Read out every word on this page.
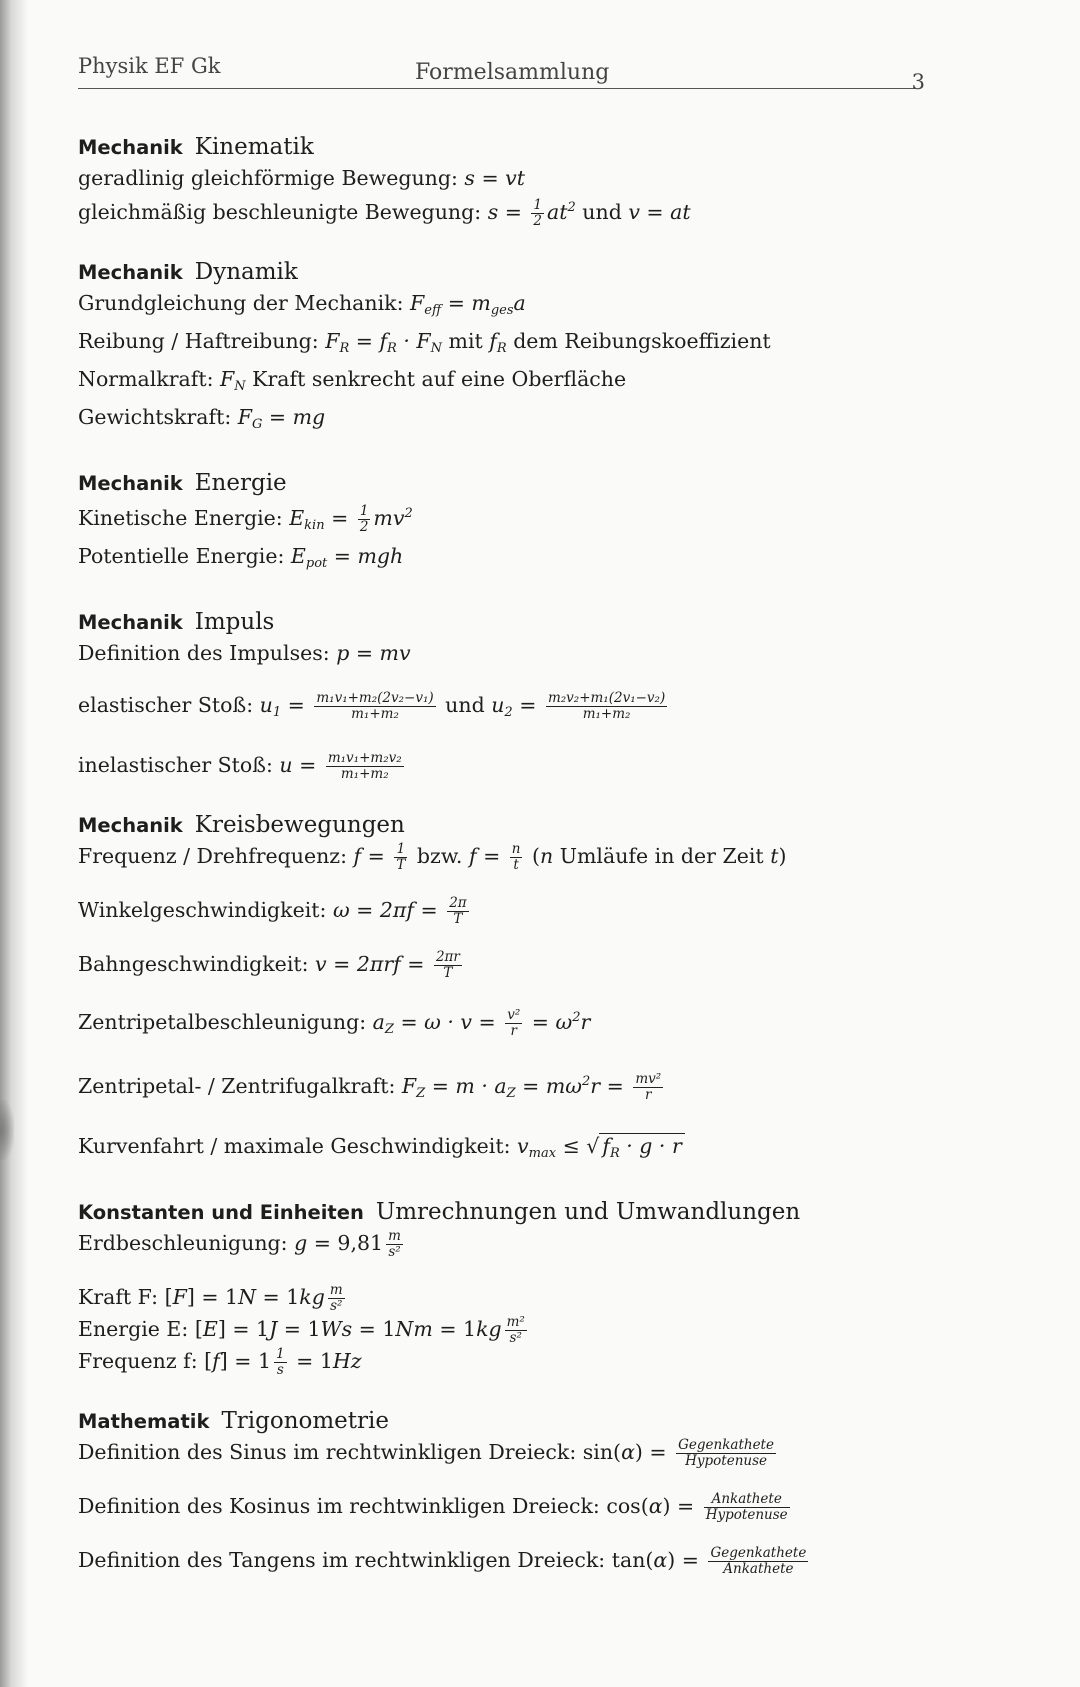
Physik EF Gk	Formelsammlung	3
Mechanik Kinematik
geradlinig gleichförmige Bewegung: s = vt
gleichmäßig beschleunigte Bewegung: $s = \frac{1}{2} at^2$ und v = at
Mechanik Dynamik
Grundgleichung der Mechanik: Feff = mgesa
Reibung / Haftreibung: FR = fR · FN mit fR dem Reibungskoeffizient
Normalkraft: FN Kraft senkrecht auf eine Oberfläche
Gewichtskraft: FG = mg
Mechanik Energie
Kinetische Energie: Ekin = $\frac{1}{2} mv^2$
Potentielle Energie: Epot = mgh
Mechanik Impuls
Definition des Impulses: p = mv
elastischer Stoß: $u1 = \frac{\text{m₁v₁+m₂(2v₂−v₁)}}{\text{m₁+m₂}}$ und $u2 = \frac{\text{m₂v₂+m₁(2v₁−v₂)}}{\text{m₁+m₂}}$
inelastischer Stoß: $u = \frac{\text{m₁v₁+m₂v₂}}{\text{m₁+m₂}}$
Mechanik Kreisbewegungen
Frequenz / Drehfrequenz: $f = \frac{1}{T}$ bzw. $f = \frac{n}{t} (n$ Umläufe in der Zeit t)
Winkelgeschwindigkeit: $\omega = 2\pi f = \frac{2\pi}{T}$
Bahngeschwindigkeit: $v = 2\pi rf = \frac{2\pi r}{T}$
Zentripetalbeschleunigung: aZ = $\omega \cdot v = \frac{\text{v²}}{r} = \omega^2r$
Zentripetal- / Zentrifugalkraft: FZ = m · aZ = $m\omega^2r = \frac{\text{mv²}}{r}$
Kurvenfahrt / maximale Geschwindigkeit: vmax ≤ √ fR · g · r
Konstanten und Einheiten Umrechnungen und Umwandlungen
Erdbeschleunigung: $g = 9,81 \frac{m}{\text{s²}}$
Kraft F: $[F] = 1N = 1kg \frac{m}{\text{s²}}$
Energie E: $[E] = 1J = 1Ws = 1Nm = 1kg \frac{\text{m²}}{\text{s²}}$
Frequenz f: $[f] = 1 \frac{1}{s} = 1Hz$
Mathematik Trigonometrie
Definition des Sinus im rechtwinkligen Dreieck: $\sin(\alpha) = \frac{\text{Gegenkathete}}{\text{Hypotenuse}}$
Definition des Kosinus im rechtwinkligen Dreieck: $\cos(\alpha) = \frac{\text{Ankathete}}{\text{Hypotenuse}}$
Definition des Tangens im rechtwinkligen Dreieck: $\tan(\alpha) = \frac{\text{Gegenkathete}}{\text{Ankathete}}$
